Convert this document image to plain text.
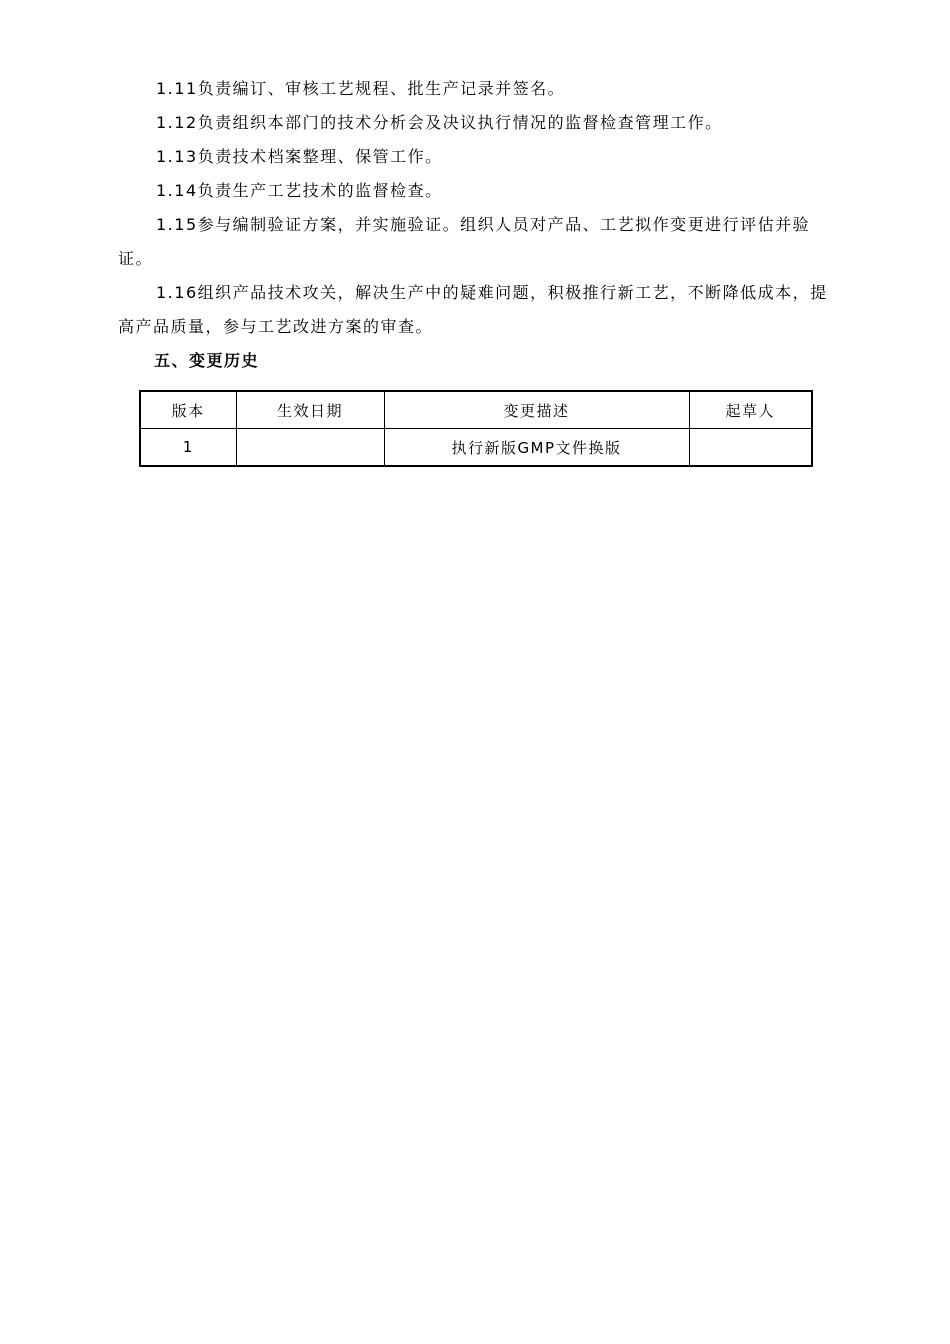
1.11负责编订、审核工艺规程、批生产记录并签名。

1.12负责组织本部门的技术分析会及决议执行情况的监督检查管理工作。

1.13负责技术档案整理、保管工作。

1.14负责生产工艺技术的监督检查。

1.15参与编制验证方案，并实施验证。组织人员对产品、工艺拟作变更进行评估并验证。

1.16组织产品技术攻关，解决生产中的疑难问题，积极推行新工艺，不断降低成本，提高产品质量，参与工艺改进方案的审查。

五、变更历史

版本	生效日期	变更描述	起草人
1		执行新版GMP文件换版	
